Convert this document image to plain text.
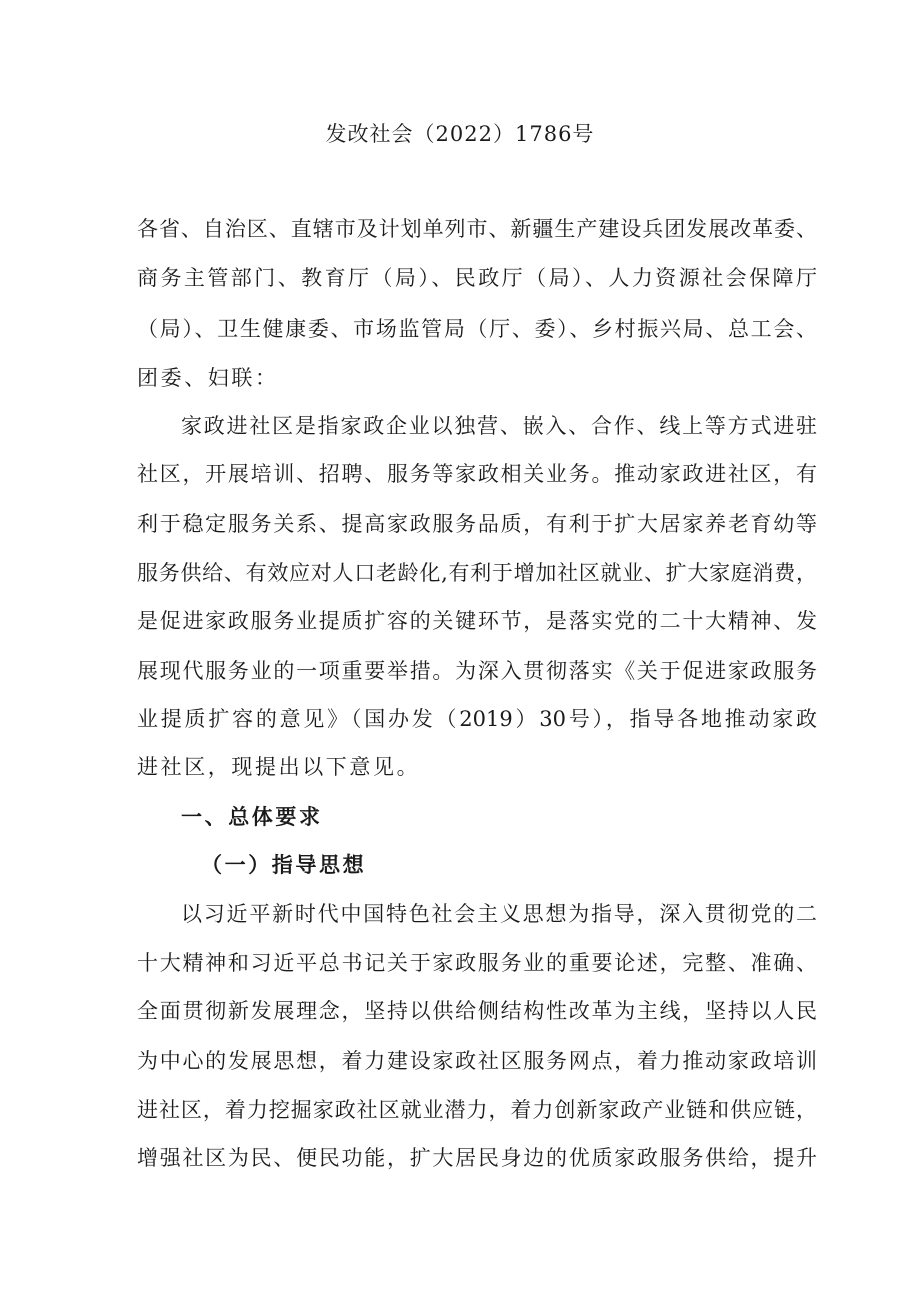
发改社会（2022）1786号
各省、自治区、直辖市及计划单列市、新疆生产建设兵团发展改革委、
商务主管部门、教育厅（局）、民政厅（局）、人力资源社会保障厅
（局）、卫生健康委、市场监管局（厅、委）、乡村振兴局、总工会、
团委、妇联：
家政进社区是指家政企业以独营、嵌入、合作、线上等方式进驻
社区，开展培训、招聘、服务等家政相关业务。推动家政进社区，有
利于稳定服务关系、提高家政服务品质，有利于扩大居家养老育幼等
服务供给、有效应对人口老龄化,有利于增加社区就业、扩大家庭消费，
是促进家政服务业提质扩容的关键环节，是落实党的二十大精神、发
展现代服务业的一项重要举措。为深入贯彻落实《关于促进家政服务
业提质扩容的意见》（国办发（2019）30号），指导各地推动家政
进社区，现提出以下意见。
一、总体要求
（一）指导思想
以习近平新时代中国特色社会主义思想为指导，深入贯彻党的二
十大精神和习近平总书记关于家政服务业的重要论述，完整、准确、
全面贯彻新发展理念，坚持以供给侧结构性改革为主线，坚持以人民
为中心的发展思想，着力建设家政社区服务网点，着力推动家政培训
进社区，着力挖掘家政社区就业潜力，着力创新家政产业链和供应链，
增强社区为民、便民功能，扩大居民身边的优质家政服务供给，提升
